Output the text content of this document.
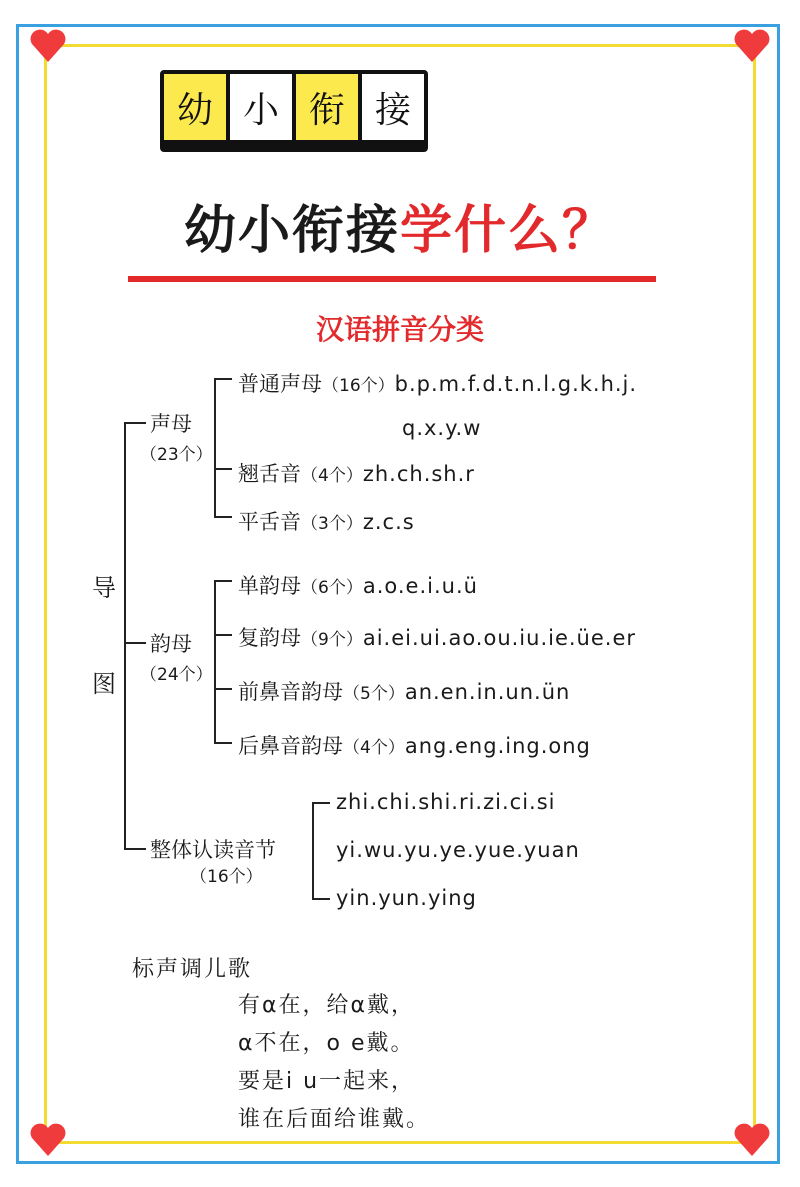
幼 小 衔 接
幼小衔接学什么？
汉语拼音分类
导
图
声母
（23个）
韵母
（24个）
整体认读音节
（16个）
普通声母（16个）b.p.m.f.d.t.n.l.g.k.h.j.
q.x.y.w
翘舌音（4个）zh.ch.sh.r
平舌音（3个）z.c.s
单韵母（6个）a.o.e.i.u.ü
复韵母（9个）ai.ei.ui.ao.ou.iu.ie.üe.er
前鼻音韵母（5个）an.en.in.un.ün
后鼻音韵母（4个）ang.eng.ing.ong
zhi.chi.shi.ri.zi.ci.si
yi.wu.yu.ye.yue.yuan
yin.yun.ying
标声调儿歌
有α在，给α戴，
α不在，o e戴。
要是i u一起来，
谁在后面给谁戴。
